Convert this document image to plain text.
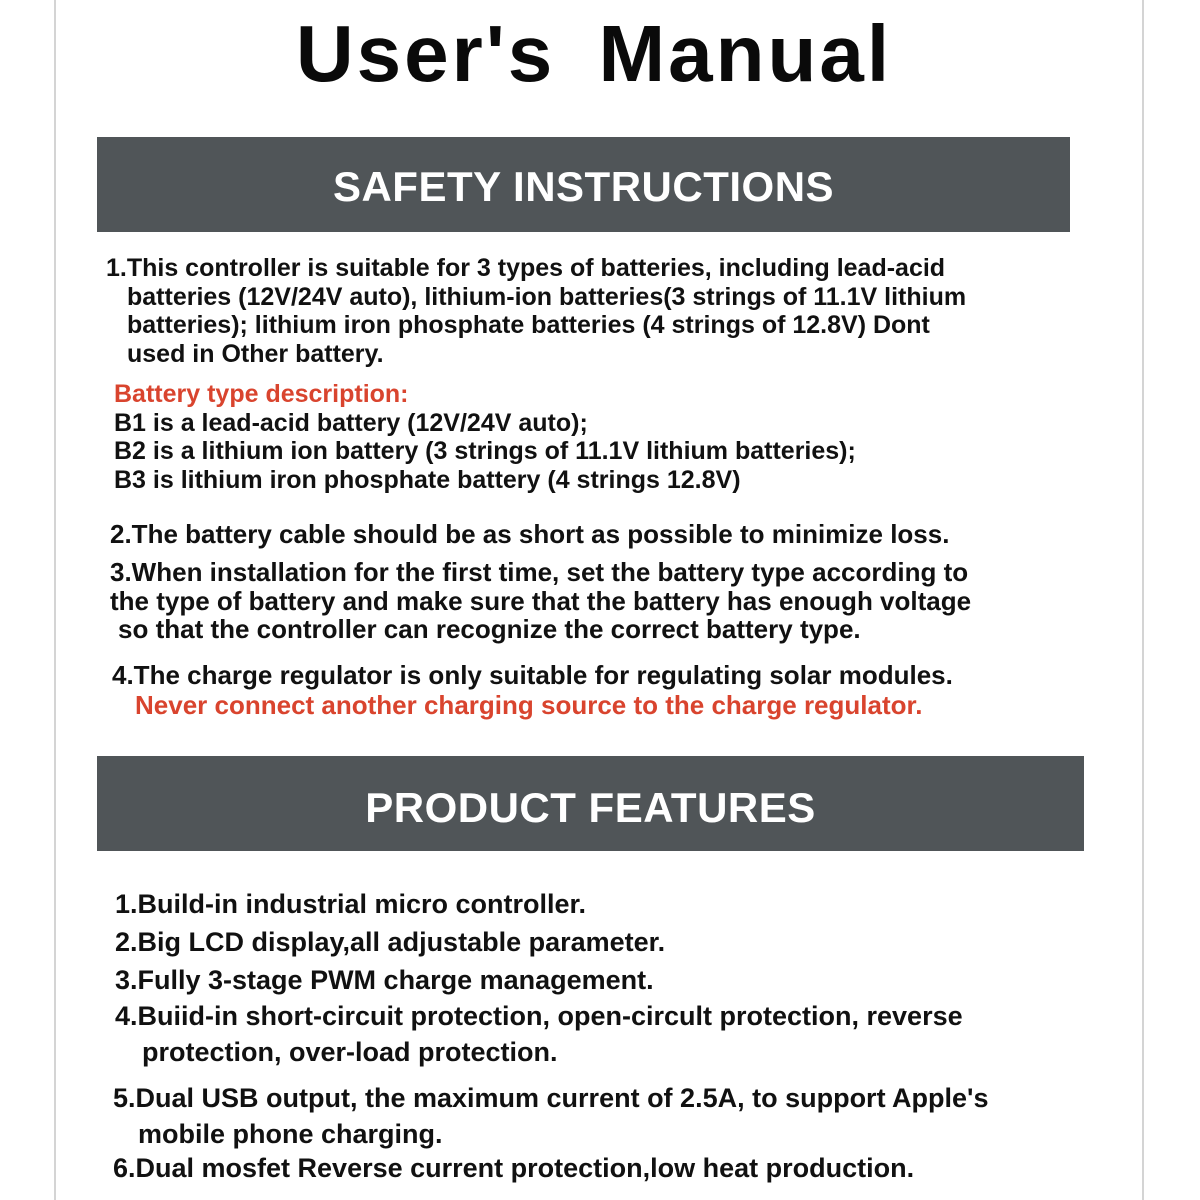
User's Manual
SAFETY INSTRUCTIONS
1.This controller is suitable for 3 types of batteries, including lead-acid
batteries (12V/24V auto), lithium-ion batteries(3 strings of 11.1V lithium
batteries); lithium iron phosphate batteries (4 strings of 12.8V) Dont
used in Other battery.
Battery type description:
B1 is a lead-acid battery (12V/24V auto);
B2 is a lithium ion battery (3 strings of 11.1V lithium batteries);
B3 is lithium iron phosphate battery (4 strings 12.8V)
2.The battery cable should be as short as possible to minimize loss.
3.When installation for the first time, set the battery type according to
the type of battery and make sure that the battery has enough voltage
so that the controller can recognize the correct battery type.
4.The charge regulator is only suitable for regulating solar modules.
Never connect another charging source to the charge regulator.
PRODUCT FEATURES
1.Build-in industrial micro controller.
2.Big LCD display,all adjustable parameter.
3.Fully 3-stage PWM charge management.
4.Buiid-in short-circuit protection, open-circult protection, reverse
protection, over-load protection.
5.Dual USB output, the maximum current of 2.5A, to support Apple's
mobile phone charging.
6.Dual mosfet Reverse current protection,low heat production.
